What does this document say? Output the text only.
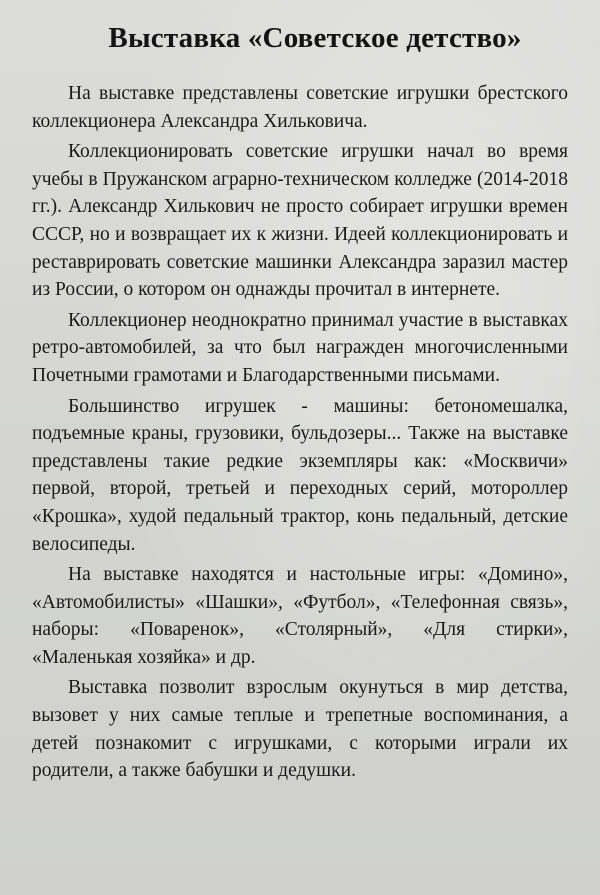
Выставка «Советское детство»

На выставке представлены советские игрушки брестского коллекционера Александра Хильковича.

Коллекционировать советские игрушки начал во время учебы в Пружанском аграрно-техническом колледже (2014-2018 гг.). Александр Хилькович не просто собирает игрушки времен СССР, но и возвращает их к жизни. Идеей коллекционировать и реставрировать советские машинки Александра заразил мастер из России, о котором он однажды прочитал в интернете.

Коллекционер неоднократно принимал участие в выставках ретро-автомобилей, за что был награжден многочисленными Почетными грамотами и Благодарственными письмами.

Большинство игрушек - машины: бетономешалка, подъемные краны, грузовики, бульдозеры... Также на выставке представлены такие редкие экземпляры как: «Москвичи» первой, второй, третьей и переходных серий, мотороллер «Крошка», худой педальный трактор, конь педальный, детские велосипеды.

На выставке находятся и настольные игры: «Домино», «Автомобилисты» «Шашки», «Футбол», «Телефонная связь», наборы: «Поваренок», «Столярный», «Для стирки», «Маленькая хозяйка» и др.

Выставка позволит взрослым окунуться в мир детства, вызовет у них самые теплые и трепетные воспоминания, а детей познакомит с игрушками, с которыми играли их родители, а также бабушки и дедушки.
